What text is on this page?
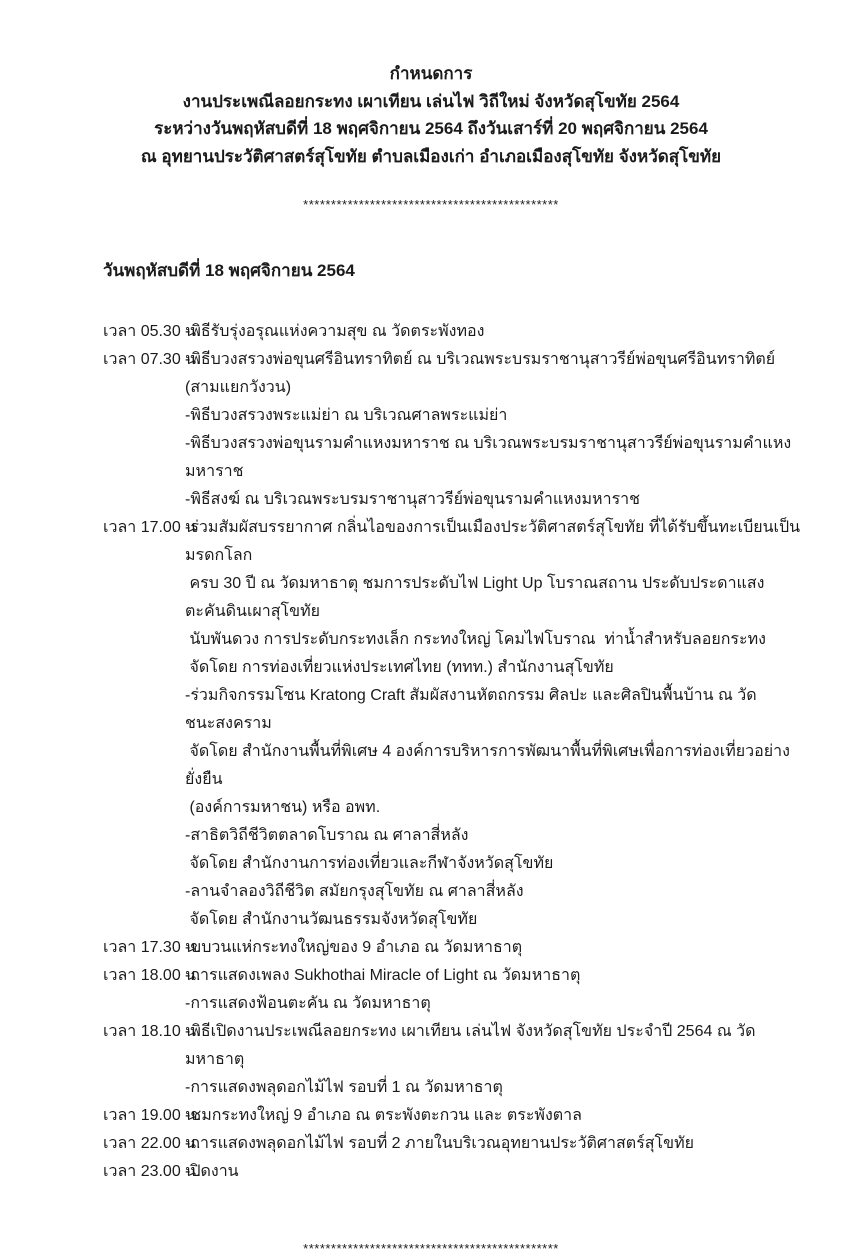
กำหนดการ
งานประเพณีลอยกระทง เผาเทียน เล่นไฟ วิถีใหม่ จังหวัดสุโขทัย 2564
ระหว่างวันพฤหัสบดีที่ 18 พฤศจิกายน 2564 ถึงวันเสาร์ที่ 20 พฤศจิกายน 2564
ณ อุทยานประวัติศาสตร์สุโขทัย ตำบลเมืองเก่า อำเภอเมืองสุโขทัย จังหวัดสุโขทัย
**********************************************
วันพฤหัสบดีที่ 18 พฤศจิกายน 2564
เวลา 05.30 น.
-พิธีรับรุ่งอรุณแห่งความสุข ณ วัดตระพังทอง
เวลา 07.30 น.
-พิธีบวงสรวงพ่อขุนศรีอินทราทิตย์ ณ บริเวณพระบรมราชานุสาวรีย์พ่อขุนศรีอินทราทิตย์ (สามแยกวังวน)
-พิธีบวงสรวงพระแม่ย่า ณ บริเวณศาลพระแม่ย่า
-พิธีบวงสรวงพ่อขุนรามคำแหงมหาราช ณ บริเวณพระบรมราชานุสาวรีย์พ่อขุนรามคำแหงมหาราช
-พิธีสงฆ์ ณ บริเวณพระบรมราชานุสาวรีย์พ่อขุนรามคำแหงมหาราช
เวลา 17.00 น
-ร่วมสัมผัสบรรยากาศ กลิ่นไอของการเป็นเมืองประวัติศาสตร์สุโขทัย ที่ได้รับขึ้นทะเบียนเป็นมรดกโลก
ครบ 30 ปี ณ วัดมหาธาตุ ชมการประดับไฟ Light Up โบราณสถาน ประดับประดาแสงตะคันดินเผาสุโขทัย
นับพันดวง การประดับกระทงเล็ก กระทงใหญ่ โคมไฟโบราณ  ท่าน้ำสำหรับลอยกระทง
จัดโดย การท่องเที่ยวแห่งประเทศไทย (ททท.) สำนักงานสุโขทัย
-ร่วมกิจกรรมโซน Kratong Craft สัมผัสงานหัตถกรรม ศิลปะ และศิลปินพื้นบ้าน ณ วัดชนะสงคราม
จัดโดย สำนักงานพื้นที่พิเศษ 4 องค์การบริหารการพัฒนาพื้นที่พิเศษเพื่อการท่องเที่ยวอย่างยั่งยืน
(องค์การมหาชน) หรือ อพท.
-สาธิตวิถีชีวิตตลาดโบราณ ณ ศาลาสี่หลัง
จัดโดย สำนักงานการท่องเที่ยวและกีฬาจังหวัดสุโขทัย
-ลานจำลองวิถีชีวิต สมัยกรุงสุโขทัย ณ ศาลาสี่หลัง
จัดโดย สำนักงานวัฒนธรรมจังหวัดสุโขทัย
เวลา 17.30 น.
-ขบวนแห่กระทงใหญ่ของ 9 อำเภอ ณ วัดมหาธาตุ
เวลา 18.00 น.
-การแสดงเพลง Sukhothai Miracle of Light ณ วัดมหาธาตุ
-การแสดงฟ้อนตะคัน ณ วัดมหาธาตุ
เวลา 18.10 น.
-พิธีเปิดงานประเพณีลอยกระทง เผาเทียน เล่นไฟ จังหวัดสุโขทัย ประจำปี 2564 ณ วัดมหาธาตุ
-การแสดงพลุดอกไม้ไฟ รอบที่ 1 ณ วัดมหาธาตุ
เวลา 19.00 น.
-ชมกระทงใหญ่ 9 อำเภอ ณ ตระพังตะกวน และ ตระพังตาล
เวลา 22.00 น.
-การแสดงพลุดอกไม้ไฟ รอบที่ 2 ภายในบริเวณอุทยานประวัติศาสตร์สุโขทัย
เวลา 23.00 น.
-ปิดงาน
**********************************************
